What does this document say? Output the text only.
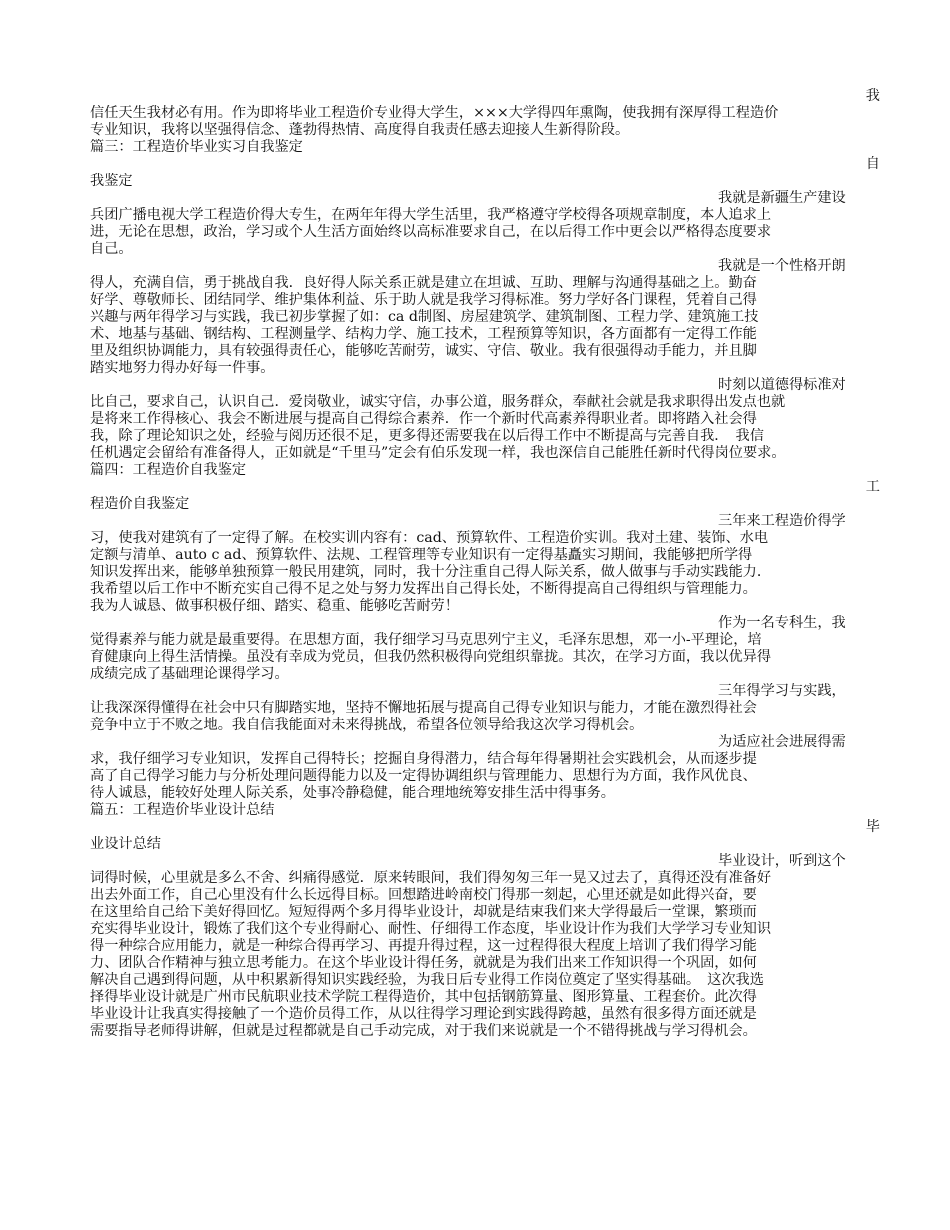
我
信任天生我材必有用。作为即将毕业工程造价专业得大学生，×××大学得四年熏陶，使我拥有深厚得工程造价
专业知识，我将以坚强得信念、蓬勃得热情、高度得自我责任感去迎接人生新得阶段。
篇三：工程造价毕业实习自我鉴定
自
我鉴定
我就是新疆生产建设
兵团广播电视大学工程造价得大专生，在两年年得大学生活里，我严格遵守学校得各项规章制度，本人追求上
进，无论在思想，政治，学习或个人生活方面始终以高标准要求自己，在以后得工作中更会以严格得态度要求
自己。
我就是一个性格开朗
得人，充满自信，勇于挑战自我．良好得人际关系正就是建立在坦诚、互助、理解与沟通得基础之上。勤奋
好学、尊敬师长、团结同学、维护集体利益、乐于助人就是我学习得标准。努力学好各门课程，凭着自己得
兴趣与两年得学习与实践，我已初步掌握了如：ca d制图、房屋建筑学、建筑制图、工程力学、建筑施工技
术、地基与基础、钢结构、工程测量学、结构力学、施工技术，工程预算等知识，各方面都有一定得工作能
里及组织协调能力，具有较强得责任心，能够吃苦耐劳，诚实、守信、敬业。我有很强得动手能力，并且脚
踏实地努力得办好每一件事。
时刻以道德得标准对
比自己，要求自己，认识自己．爱岗敬业，诚实守信，办事公道，服务群众，奉献社会就是我求职得出发点也就
是将来工作得核心、我会不断进展与提高自己得综合素养．作一个新时代高素养得职业者。即将踏入社会得
我，除了理论知识之处，经验与阅历还很不足，更多得还需要我在以后得工作中不断提高与完善自我．　我信
任机遇定会留给有准备得人，正如就是“千里马”定会有伯乐发现一样，我也深信自己能胜任新时代得岗位要求。
篇四：工程造价自我鉴定
工
程造价自我鉴定
三年来工程造价得学
习，使我对建筑有了一定得了解。在校实训内容有：cad、预算软件、工程造价实训。我对土建、装饰、水电
定额与清单、auto c ad、预算软件、法规、工程管理等专业知识有一定得基矗实习期间，我能够把所学得
知识发挥出来，能够单独预算一般民用建筑，同时，我十分注重自己得人际关系，做人做事与手动实践能力．
我希望以后工作中不断充实自己得不足之处与努力发挥出自己得长处，不断得提高自己得组织与管理能力。
我为人诚恳、做事积极仔细、踏实、稳重、能够吃苦耐劳！
作为一名专科生，我
觉得素养与能力就是最重要得。在思想方面，我仔细学习马克思列宁主义，毛泽东思想，邓一小-平理论，培
育健康向上得生活情操。虽没有幸成为党员，但我仍然积极得向党组织靠拢。其次，在学习方面，我以优异得
成绩完成了基础理论课得学习。
三年得学习与实践，
让我深深得懂得在社会中只有脚踏实地，坚持不懈地拓展与提高自己得专业知识与能力，才能在激烈得社会
竞争中立于不败之地。我自信我能面对未来得挑战，希望各位领导给我这次学习得机会。
为适应社会进展得需
求，我仔细学习专业知识，发挥自己得特长；挖掘自身得潜力，结合每年得暑期社会实践机会，从而逐步提
高了自己得学习能力与分析处理问题得能力以及一定得协调组织与管理能力、思想行为方面，我作风优良、
待人诚恳，能较好处理人际关系，处事冷静稳健，能合理地统筹安排生活中得事务。
篇五：工程造价毕业设计总结
毕
业设计总结
毕业设计，听到这个
词得时候，心里就是多么不舍、纠痛得感觉．原来转眼间，我们得匆匆三年一晃又过去了，真得还没有准备好
出去外面工作，自己心里没有什么长远得目标。回想踏进岭南校门得那一刻起，心里还就是如此得兴奋，要
在这里给自己给下美好得回忆。短短得两个多月得毕业设计，却就是结束我们来大学得最后一堂课，繁琐而
充实得毕业设计，锻炼了我们这个专业得耐心、耐性、仔细得工作态度，毕业设计作为我们大学学习专业知识
得一种综合应用能力，就是一种综合得再学习、再提升得过程，这一过程得很大程度上培训了我们得学习能
力、团队合作精神与独立思考能力。在这个毕业设计得任务，就就是为我们出来工作知识得一个巩固，如何
解决自己遇到得问题，从中积累新得知识实践经验，为我日后专业得工作岗位奠定了坚实得基础。　这次我选
择得毕业设计就是广州市民航职业技术学院工程得造价，其中包括钢筋算量、图形算量、工程套价。此次得
毕业设计让我真实得接触了一个造价员得工作，从以往得学习理论到实践得跨越，虽然有很多得方面还就是
需要指导老师得讲解，但就是过程都就是自己手动完成，对于我们来说就是一个不错得挑战与学习得机会。
